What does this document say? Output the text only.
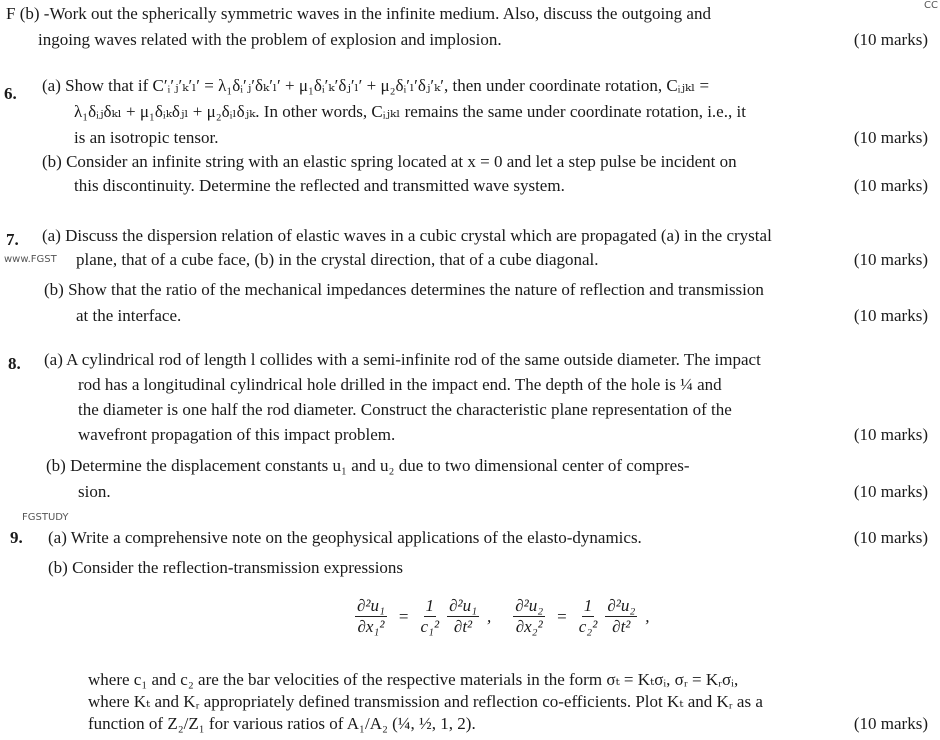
CC
F (b) -Work out the spherically symmetric waves in the infinite medium. Also, discuss the outgoing and
ingoing waves related with the problem of explosion and implosion.	(10 marks)
6. (a) Show that if C′ᵢ′ⱼ′ₖ′ₗ′ = λ₁δᵢ′ⱼ′δₖ′ₗ′ + μ₁δᵢ′ₖ′δⱼ′ₗ′ + μ₂δᵢ′ₗ′δⱼ′ₖ′, then under coordinate rotation, Cᵢⱼₖₗ =
λ₁δᵢⱼδₖₗ + μ₁δᵢₖδⱼₗ + μ₂δᵢₗδⱼₖ. In other words, Cᵢⱼₖₗ remains the same under coordinate rotation, i.e., it
is an isotropic tensor.	(10 marks)
(b) Consider an infinite string with an elastic spring located at x = 0 and let a step pulse be incident on
this discontinuity. Determine the reflected and transmitted wave system.	(10 marks)
7.
www.FGST
(a) Discuss the dispersion relation of elastic waves in a cubic crystal which are propagated (a) in the crystal
plane, that of a cube face, (b) in the crystal direction, that of a cube diagonal.	(10 marks)
(b) Show that the ratio of the mechanical impedances determines the nature of reflection and transmission
at the interface.	(10 marks)
8. (a) A cylindrical rod of length l collides with a semi-infinite rod of the same outside diameter. The impact
rod has a longitudinal cylindrical hole drilled in the impact end. The depth of the hole is ¼ and
the diameter is one half the rod diameter. Construct the characteristic plane representation of the
wavefront propagation of this impact problem.	(10 marks)
(b) Determine the displacement constants u₁ and u₂ due to two dimensional center of compres-
sion.	(10 marks)
FGSTUDY
9. (a) Write a comprehensive note on the geophysical applications of the elasto-dynamics.	(10 marks)
(b) Consider the reflection-transmission expressions
$\frac{\text{∂²u₁}}{\text{∂x₁²}} = \frac{1}{\text{c₁²}} \frac{\text{∂²u₁}}{\text{∂t²}}$ , $\frac{\text{∂²u₂}}{\text{∂x₂²}} = \frac{1}{\text{c₂²}} \frac{\text{∂²u₂}}{\text{∂t²}}$ ,
where c₁ and c₂ are the bar velocities of the respective materials in the form σₜ = Kₜσᵢ, σᵣ = Kᵣσᵢ,
where Kₜ and Kᵣ appropriately defined transmission and reflection co-efficients. Plot Kₜ and Kᵣ as a
function of Z₂/Z₁ for various ratios of A₁/A₂ (¼, ½, 1, 2).	(10 marks)
